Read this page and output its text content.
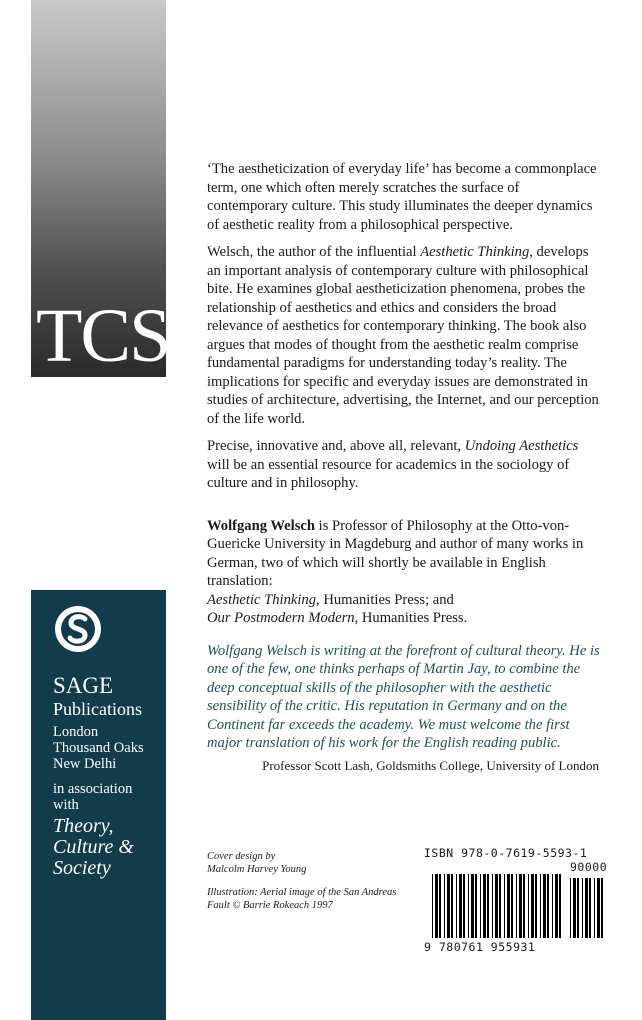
TCS
SAGE
Publications
London
Thousand Oaks
New Delhi
in association
with
Theory,
Culture &
Society

‘The aestheticization of everyday life’ has become a commonplace term, one which often merely scratches the surface of contemporary culture. This study illuminates the deeper dynamics of aesthetic reality from a philosophical perspective.

Welsch, the author of the influential Aesthetic Thinking, develops an important analysis of contemporary culture with philosophical bite. He examines global aestheticization phenomena, probes the relationship of aesthetics and ethics and considers the broad relevance of aesthetics for contemporary thinking. The book also argues that modes of thought from the aesthetic realm comprise fundamental paradigms for understanding today’s reality. The implications for specific and everyday issues are demonstrated in studies of architecture, advertising, the Internet, and our perception of the life world.

Precise, innovative and, above all, relevant, Undoing Aesthetics will be an essential resource for academics in the sociology of culture and in philosophy.

Wolfgang Welsch is Professor of Philosophy at the Otto-von-Guericke University in Magdeburg and author of many works in German, two of which will shortly be available in English translation:
Aesthetic Thinking, Humanities Press; and
Our Postmodern Modern, Humanities Press.

Wolfgang Welsch is writing at the forefront of cultural theory. He is one of the few, one thinks perhaps of Martin Jay, to combine the deep conceptual skills of the philosopher with the aesthetic sensibility of the critic. His reputation in Germany and on the Continent far exceeds the academy. We must welcome the first major translation of his work for the English reading public.

Professor Scott Lash, Goldsmiths College, University of London
Cover design by
Malcolm Harvey Young
Illustration: Aerial image of the San Andreas Fault © Barrie Rokeach 1997
ISBN 978-0-7619-5593-1
90000
9 780761 955931
